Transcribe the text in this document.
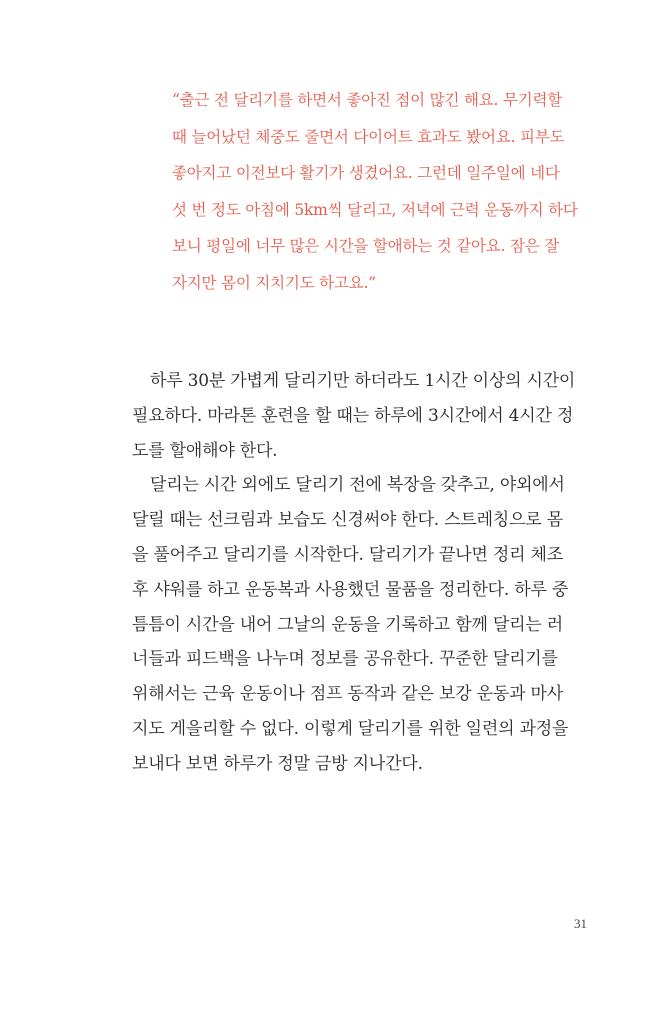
“출근 전 달리기를 하면서 좋아진 점이 많긴 해요. 무기력할
때 늘어났던 체중도 줄면서 다이어트 효과도 봤어요. 피부도
좋아지고 이전보다 활기가 생겼어요. 그런데 일주일에 네다
섯 번 정도 아침에 5km씩 달리고, 저녁에 근력 운동까지 하다
보니 평일에 너무 많은 시간을 할애하는 것 같아요. 잠은 잘
자지만 몸이 지치기도 하고요.”
하루 30분 가볍게 달리기만 하더라도 1시간 이상의 시간이
필요하다. 마라톤 훈련을 할 때는 하루에 3시간에서 4시간 정
도를 할애해야 한다.
달리는 시간 외에도 달리기 전에 복장을 갖추고, 야외에서
달릴 때는 선크림과 보습도 신경써야 한다. 스트레칭으로 몸
을 풀어주고 달리기를 시작한다. 달리기가 끝나면 정리 체조
후 샤워를 하고 운동복과 사용했던 물품을 정리한다. 하루 중
틈틈이 시간을 내어 그날의 운동을 기록하고 함께 달리는 러
너들과 피드백을 나누며 정보를 공유한다. 꾸준한 달리기를
위해서는 근육 운동이나 점프 동작과 같은 보강 운동과 마사
지도 게을리할 수 없다. 이렇게 달리기를 위한 일련의 과정을
보내다 보면 하루가 정말 금방 지나간다.
31
